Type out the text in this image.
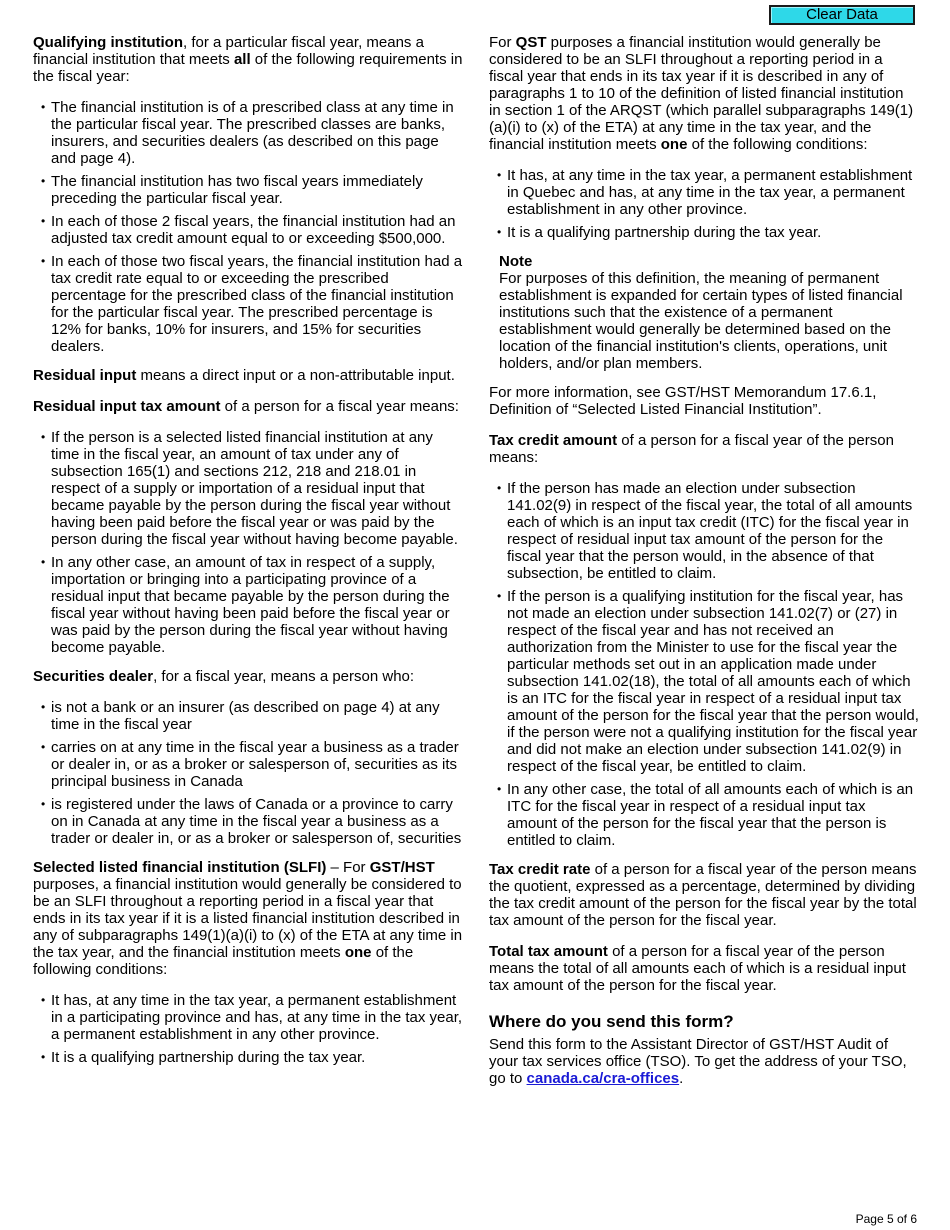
Clear Data

Qualifying institution, for a particular fiscal year, means a financial institution that meets all of the following requirements in the fiscal year:

• The financial institution is of a prescribed class at any time in the particular fiscal year. The prescribed classes are banks, insurers, and securities dealers (as described on this page and page 4).
• The financial institution has two fiscal years immediately preceding the particular fiscal year.
• In each of those 2 fiscal years, the financial institution had an adjusted tax credit amount equal to or exceeding $500,000.
• In each of those two fiscal years, the financial institution had a tax credit rate equal to or exceeding the prescribed percentage for the prescribed class of the financial institution for the particular fiscal year. The prescribed percentage is 12% for banks, 10% for insurers, and 15% for securities dealers.

Residual input means a direct input or a non-attributable input.

Residual input tax amount of a person for a fiscal year means:

• If the person is a selected listed financial institution at any time in the fiscal year, an amount of tax under any of subsection 165(1) and sections 212, 218 and 218.01 in respect of a supply or importation of a residual input that became payable by the person during the fiscal year without having been paid before the fiscal year or was paid by the person during the fiscal year without having become payable.
• In any other case, an amount of tax in respect of a supply, importation or bringing into a participating province of a residual input that became payable by the person during the fiscal year without having been paid before the fiscal year or was paid by the person during the fiscal year without having become payable.

Securities dealer, for a fiscal year, means a person who:

• is not a bank or an insurer (as described on page 4) at any time in the fiscal year
• carries on at any time in the fiscal year a business as a trader or dealer in, or as a broker or salesperson of, securities as its principal business in Canada
• is registered under the laws of Canada or a province to carry on in Canada at any time in the fiscal year a business as a trader or dealer in, or as a broker or salesperson of, securities

Selected listed financial institution (SLFI) – For GST/HST purposes, a financial institution would generally be considered to be an SLFI throughout a reporting period in a fiscal year that ends in its tax year if it is a listed financial institution described in any of subparagraphs 149(1)(a)(i) to (x) of the ETA at any time in the tax year, and the financial institution meets one of the following conditions:

• It has, at any time in the tax year, a permanent establishment in a participating province and has, at any time in the tax year, a permanent establishment in any other province.
• It is a qualifying partnership during the tax year.

For QST purposes a financial institution would generally be considered to be an SLFI throughout a reporting period in a fiscal year that ends in its tax year if it is described in any of paragraphs 1 to 10 of the definition of listed financial institution in section 1 of the ARQST (which parallel subparagraphs 149(1)(a)(i) to (x) of the ETA) at any time in the tax year, and the financial institution meets one of the following conditions:

• It has, at any time in the tax year, a permanent establishment in Quebec and has, at any time in the tax year, a permanent establishment in any other province.
• It is a qualifying partnership during the tax year.
Note
For purposes of this definition, the meaning of permanent establishment is expanded for certain types of listed financial institutions such that the existence of a permanent establishment would generally be determined based on the location of the financial institution's clients, operations, unit holders, and/or plan members.

For more information, see GST/HST Memorandum 17.6.1, Definition of “Selected Listed Financial Institution”.

Tax credit amount of a person for a fiscal year of the person means:

• If the person has made an election under subsection 141.02(9) in respect of the fiscal year, the total of all amounts each of which is an input tax credit (ITC) for the fiscal year in respect of residual input tax amount of the person for the fiscal year that the person would, in the absence of that subsection, be entitled to claim.
• If the person is a qualifying institution for the fiscal year, has not made an election under subsection 141.02(7) or (27) in respect of the fiscal year and has not received an authorization from the Minister to use for the fiscal year the particular methods set out in an application made under subsection 141.02(18), the total of all amounts each of which is an ITC for the fiscal year in respect of a residual input tax amount of the person for the fiscal year that the person would, if the person were not a qualifying institution for the fiscal year and did not make an election under subsection 141.02(9) in respect of the fiscal year, be entitled to claim.
• In any other case, the total of all amounts each of which is an ITC for the fiscal year in respect of a residual input tax amount of the person for the fiscal year that the person is entitled to claim.

Tax credit rate of a person for a fiscal year of the person means the quotient, expressed as a percentage, determined by dividing the tax credit amount of the person for the fiscal year by the total tax amount of the person for the fiscal year.

Total tax amount of a person for a fiscal year of the person means the total of all amounts each of which is a residual input tax amount of the person for the fiscal year.

Where do you send this form?

Send this form to the Assistant Director of GST/HST Audit of your tax services office (TSO). To get the address of your TSO, go to canada.ca/cra-offices.

Page 5 of 6
